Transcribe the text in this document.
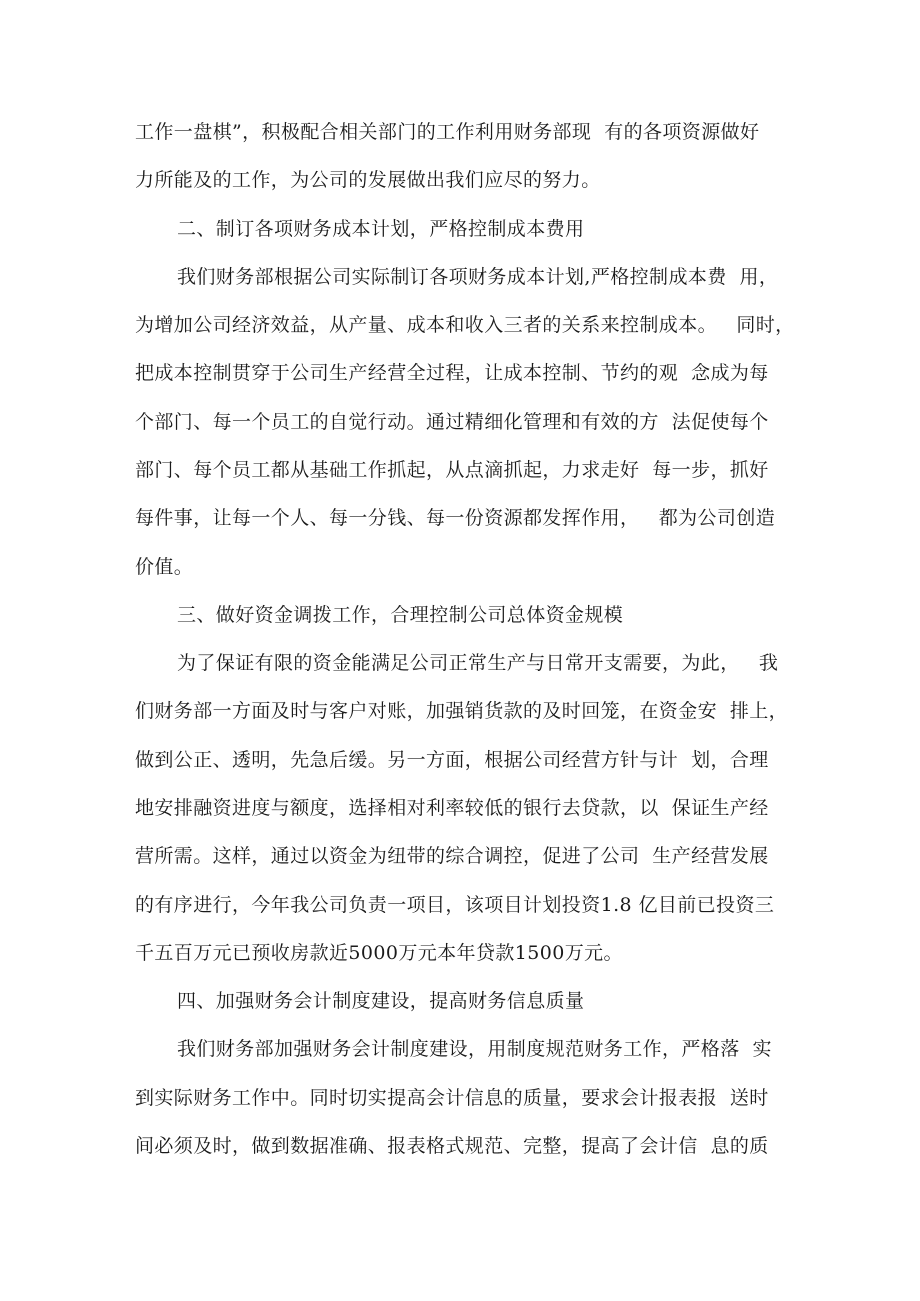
工作一盘棋”，积极配合相关部门的工作利用财务部现  有的各项资源做好
力所能及的工作，为公司的发展做出我们应尽的努力。
二、制订各项财务成本计划，严格控制成本费用
我们财务部根据公司实际制订各项财务成本计划,严格控制成本费  用，
为增加公司经济效益，从产量、成本和收入三者的关系来控制成本。   同时，
把成本控制贯穿于公司生产经营全过程，让成本控制、节约的观  念成为每
个部门、每一个员工的自觉行动。通过精细化管理和有效的方  法促使每个
部门、每个员工都从基础工作抓起，从点滴抓起，力求走好  每一步，抓好
每件事，让每一个人、每一分钱、每一份资源都发挥作用，   都为公司创造
价值。
三、做好资金调拨工作，合理控制公司总体资金规模
为了保证有限的资金能满足公司正常生产与日常开支需要，为此，   我
们财务部一方面及时与客户对账，加强销货款的及时回笼，在资金安  排上，
做到公正、透明，先急后缓。另一方面，根据公司经营方针与计  划，合理
地安排融资进度与额度，选择相对利率较低的银行去贷款，以  保证生产经
营所需。这样，通过以资金为纽带的综合调控，促进了公司  生产经营发展
的有序进行，今年我公司负责一项目，该项目计划投资1.8 亿目前已投资三
千五百万元已预收房款近5000万元本年贷款1500万元。
四、加强财务会计制度建设，提高财务信息质量
我们财务部加强财务会计制度建设，用制度规范财务工作，严格落  实
到实际财务工作中。同时切实提高会计信息的质量，要求会计报表报  送时
间必须及时，做到数据准确、报表格式规范、完整，提高了会计信  息的质
